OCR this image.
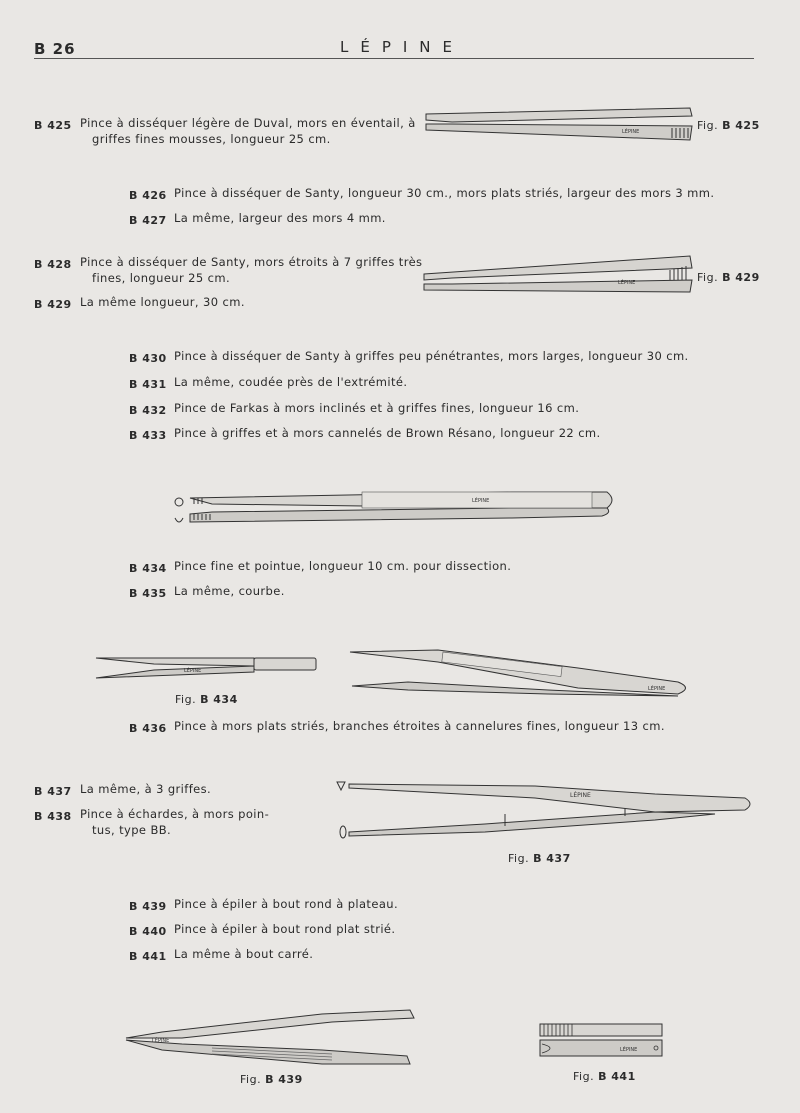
B 26	LÉPINE
B 425 Pince à disséquer légère de Duval, mors en éventail, à
griffes fines mousses, longueur 25 cm.	LÉPINE	Fig. B 425
B 426 Pince à disséquer de Santy, longueur 30 cm., mors plats striés, largeur des mors 3 mm.
B 427 La même, largeur des mors 4 mm.
B 428 Pince à disséquer de Santy, mors étroits à 7 griffes très
fines, longueur 25 cm.
B 429 La même longueur, 30 cm.
LÉPINE	Fig. B 429
B 430 Pince à disséquer de Santy à griffes peu pénétrantes, mors larges, longueur 30 cm.
B 431 La même, coudée près de l'extrémité.
B 432 Pince de Farkas à mors inclinés et à griffes fines, longueur 16 cm.
B 433 Pince à griffes et à mors cannelés de Brown Résano, longueur 22 cm.
LÉPINE
B 434 Pince fine et pointue, longueur 10 cm. pour dissection.
B 435 La même, courbe.
LÉPINE
Fig. B 434
LÉPINE
B 436 Pince à mors plats striés, branches étroites à cannelures fines, longueur 13 cm.
B 437 La même, à 3 griffes.
B 438 Pince à échardes, à mors poin-
tus, type BB.
LÉPINE
Fig. B 437
B 439 Pince à épiler à bout rond à plateau.
B 440 Pince à épiler à bout rond plat strié.
B 441 La même à bout carré.
LÉPINE
Fig. B 439
LÉPINE
Fig. B 441
